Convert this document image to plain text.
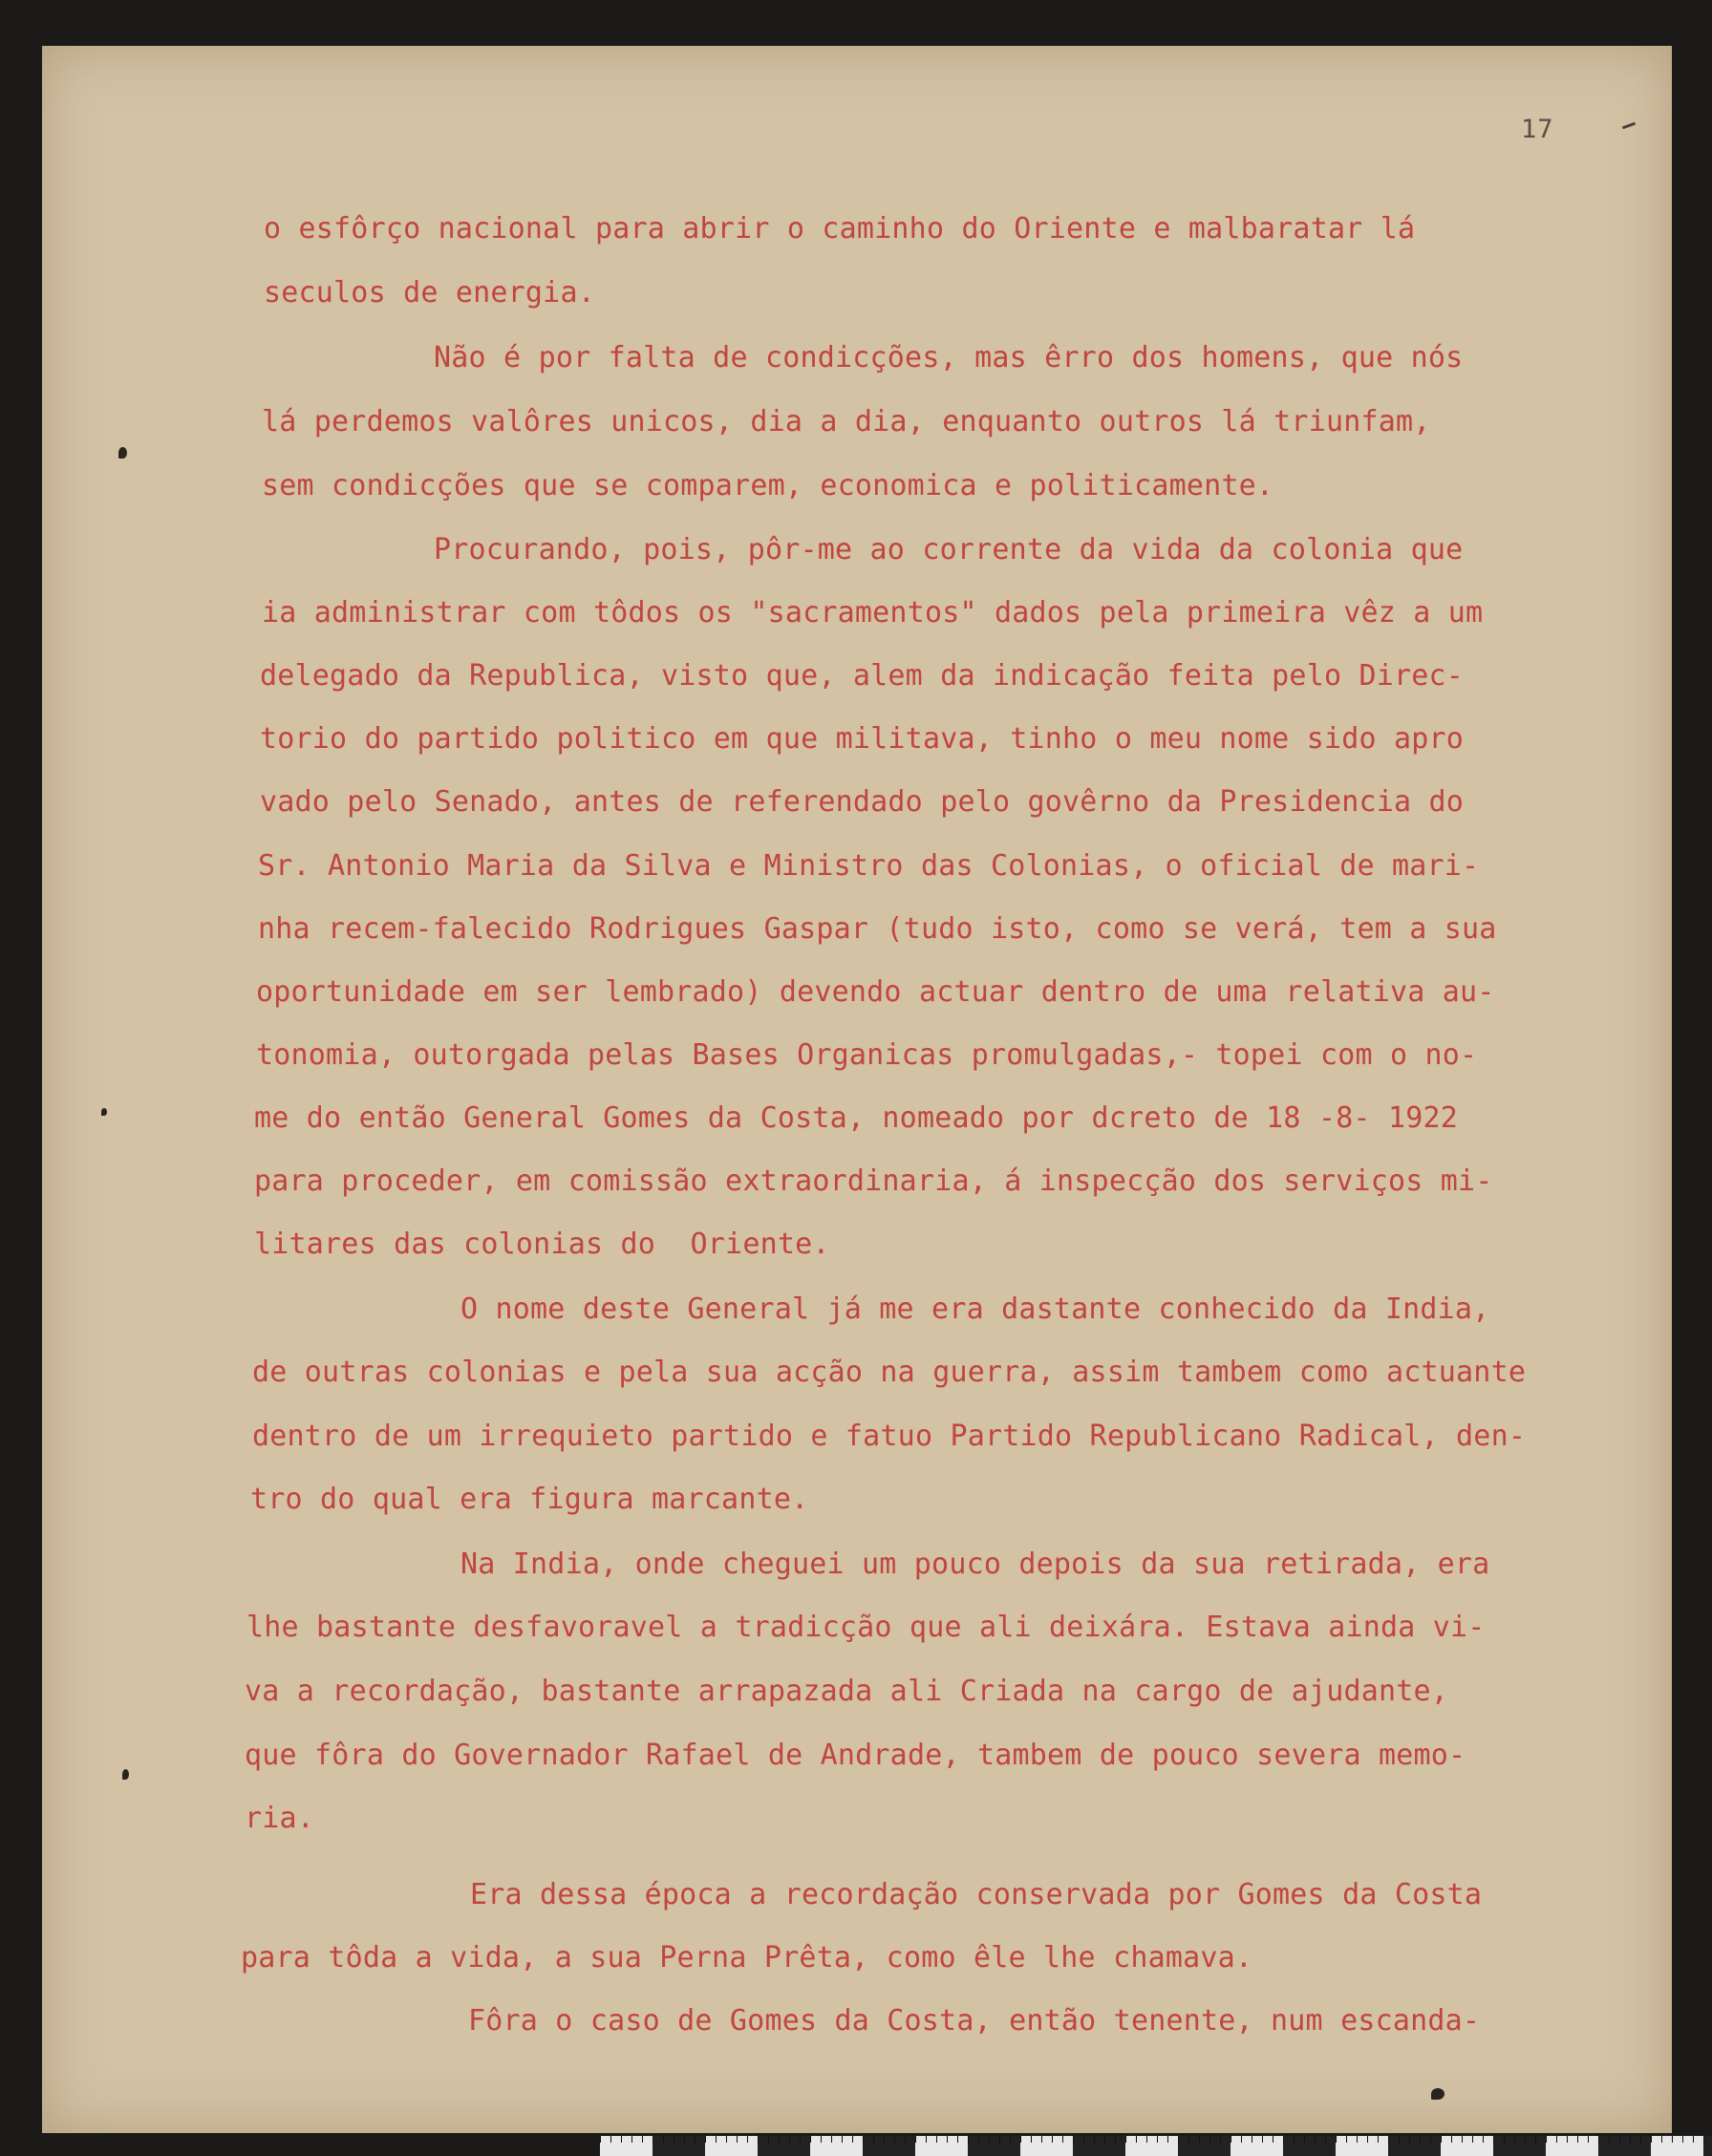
17

o esfôrço nacional para abrir o caminho do Oriente e malbaratar lá

seculos de energia.

Não é por falta de condicções, mas êrro dos homens, que nós

lá perdemos valôres unicos, dia a dia, enquanto outros lá triunfam,

sem condicções que se comparem, economica e politicamente.

Procurando, pois, pôr-me ao corrente da vida da colonia que

ia administrar com tôdos os "sacramentos" dados pela primeira vêz a um

delegado da Republica, visto que, alem da indicação feita pelo Direc-

torio do partido politico em que militava, tinho o meu nome sido apro

vado pelo Senado, antes de referendado pelo govêrno da Presidencia do

Sr. Antonio Maria da Silva e Ministro das Colonias, o oficial de mari-

nha recem-falecido Rodrigues Gaspar (tudo isto, como se verá, tem a sua

oportunidade em ser lembrado) devendo actuar dentro de uma relativa au-

tonomia, outorgada pelas Bases Organicas promulgadas,- topei com o no-

me do então General Gomes da Costa, nomeado por dcreto de 18 -8- 1922

para proceder, em comissão extraordinaria, á inspecção dos serviços mi-

litares das colonias do  Oriente.

O nome deste General já me era dastante conhecido da India,

de outras colonias e pela sua acção na guerra, assim tambem como actuante

dentro de um irrequieto partido e fatuo Partido Republicano Radical, den-

tro do qual era figura marcante.

Na India, onde cheguei um pouco depois da sua retirada, era

lhe bastante desfavoravel a tradicção que ali deixára. Estava ainda vi-

va a recordação, bastante arrapazada ali Criada na cargo de ajudante,

que fôra do Governador Rafael de Andrade, tambem de pouco severa memo-

ria.

Era dessa época a recordação conservada por Gomes da Costa

para tôda a vida, a sua Perna Prêta, como êle lhe chamava.

Fôra o caso de Gomes da Costa, então tenente, num escanda-
